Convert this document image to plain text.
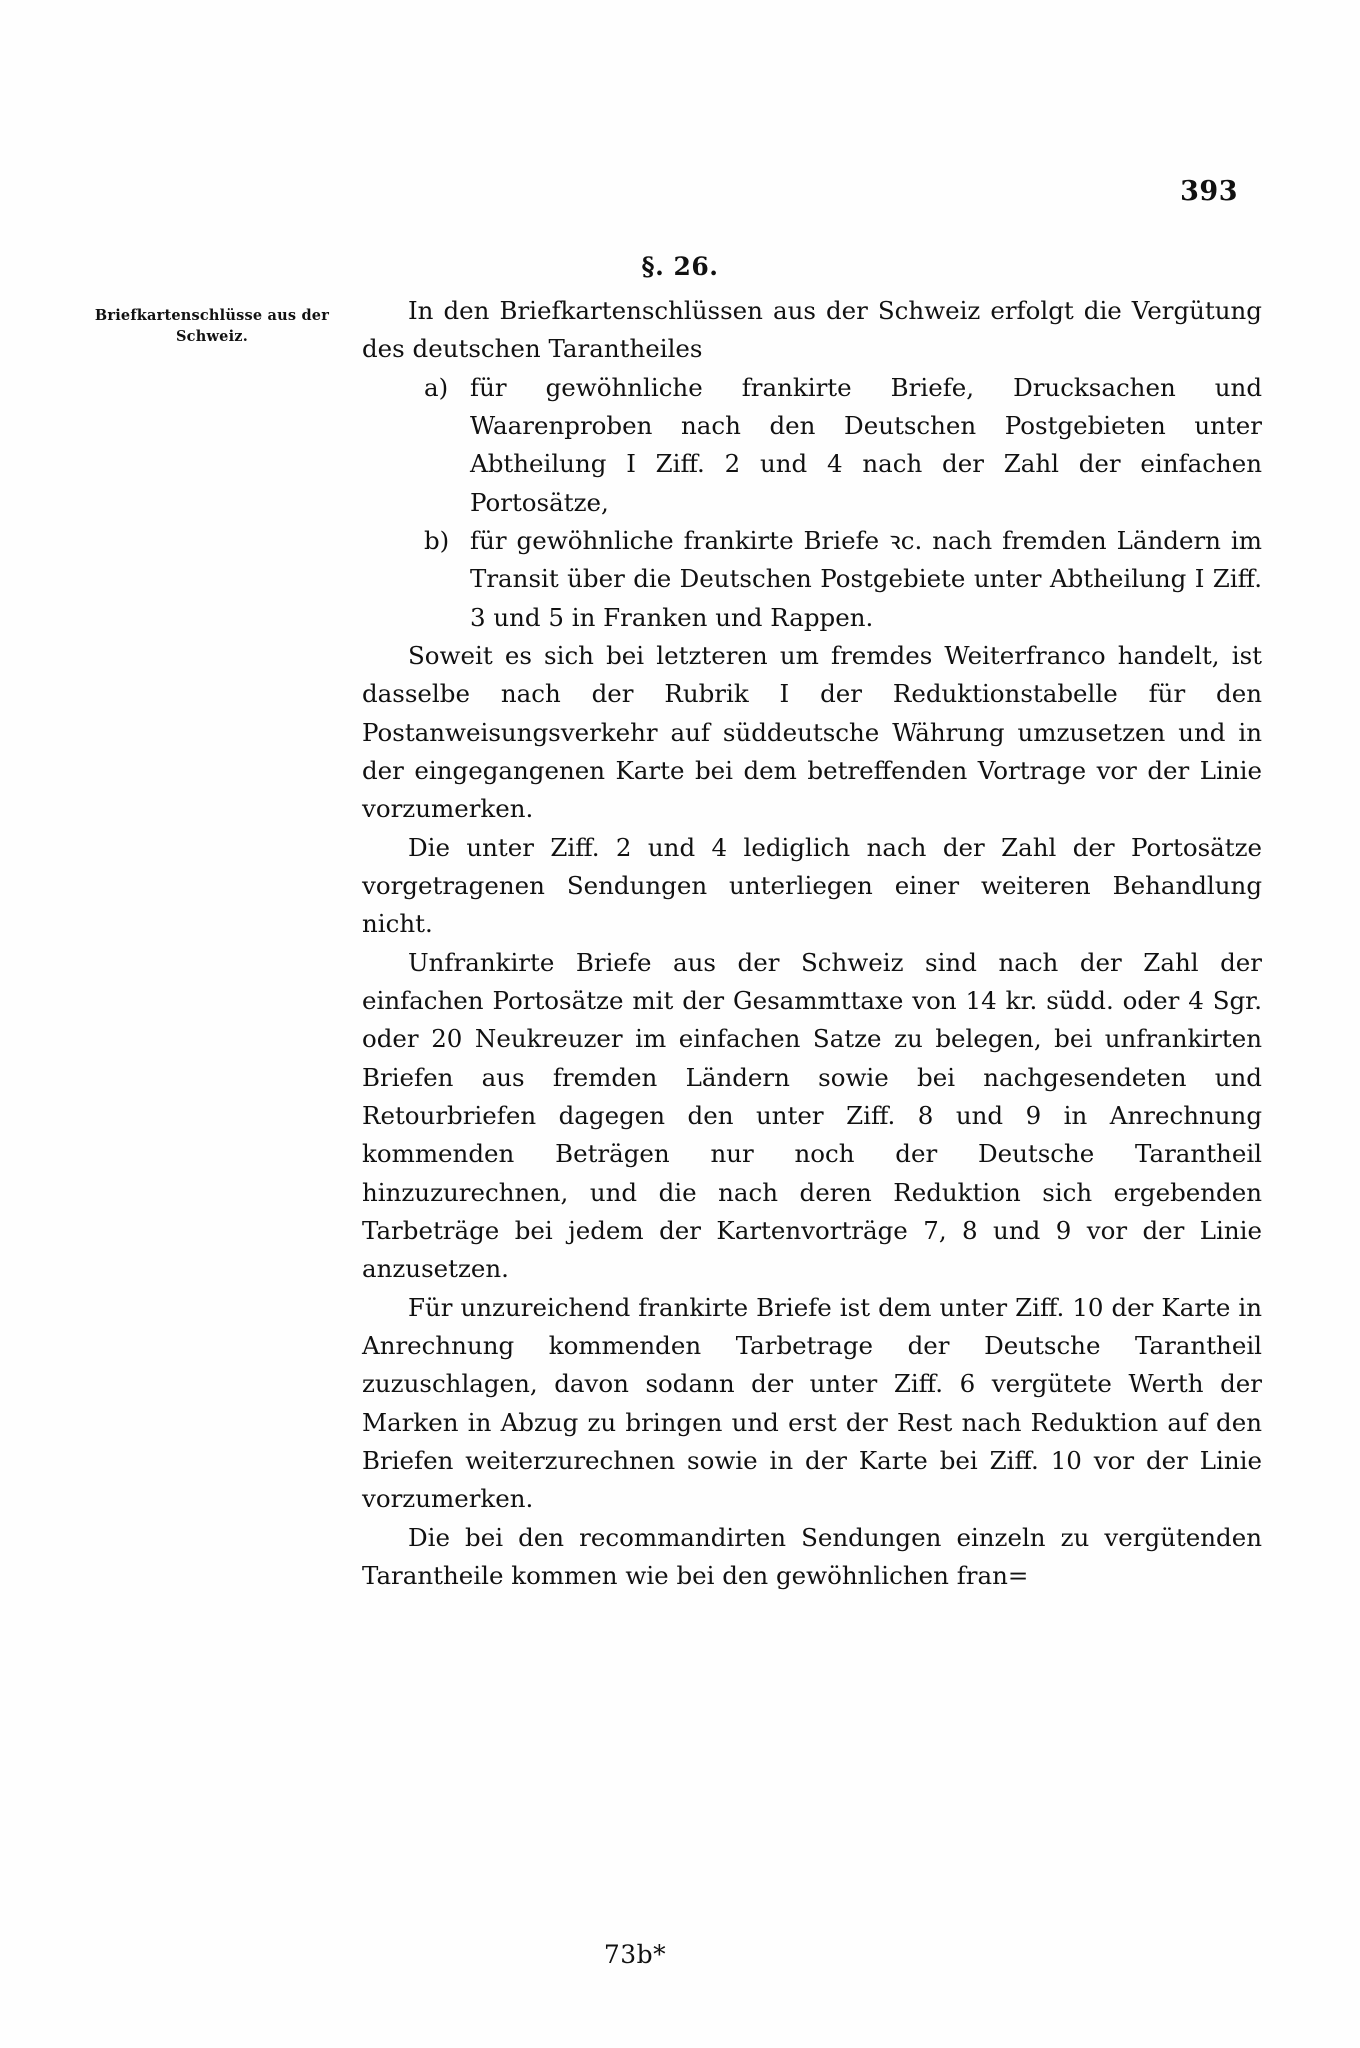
393
§. 26.
Briefkartenschlüsse aus der Schweiz.

In den Briefkartenschlüssen aus der Schweiz erfolgt die Vergütung des deutschen Tarantheiles

a) für gewöhnliche frankirte Briefe, Drucksachen und Waarenproben nach den Deutschen Postgebieten unter Abtheilung I Ziff. 2 und 4 nach der Zahl der einfachen Portosätze,
b) für gewöhnliche frankirte Briefe ꝛc. nach fremden Ländern im Transit über die Deutschen Postgebiete unter Abtheilung I Ziff. 3 und 5 in Franken und Rappen.

Soweit es sich bei letzteren um fremdes Weiterfranco handelt, ist dasselbe nach der Rubrik I der Reduktionstabelle für den Postanweisungsverkehr auf süddeutsche Währung umzusetzen und in der eingegangenen Karte bei dem betreffenden Vortrage vor der Linie vorzumerken.

Die unter Ziff. 2 und 4 lediglich nach der Zahl der Portosätze vorgetragenen Sendungen unterliegen einer weiteren Behandlung nicht.

Unfrankirte Briefe aus der Schweiz sind nach der Zahl der einfachen Portosätze mit der Gesammttaxe von 14 kr. südd. oder 4 Sgr. oder 20 Neukreuzer im einfachen Satze zu belegen, bei unfrankirten Briefen aus fremden Ländern sowie bei nachgesendeten und Retourbriefen dagegen den unter Ziff. 8 und 9 in Anrechnung kommenden Beträgen nur noch der Deutsche Tarantheil hinzuzurechnen, und die nach deren Reduktion sich ergebenden Tarbeträge bei jedem der Kartenvorträge 7, 8 und 9 vor der Linie anzusetzen.

Für unzureichend frankirte Briefe ist dem unter Ziff. 10 der Karte in Anrechnung kommenden Tarbetrage der Deutsche Tarantheil zuzuschlagen, davon sodann der unter Ziff. 6 vergütete Werth der Marken in Abzug zu bringen und erst der Rest nach Reduktion auf den Briefen weiterzurechnen sowie in der Karte bei Ziff. 10 vor der Linie vorzumerken.

Die bei den recommandirten Sendungen einzeln zu vergütenden Tarantheile kommen wie bei den gewöhnlichen fran=

73b*
